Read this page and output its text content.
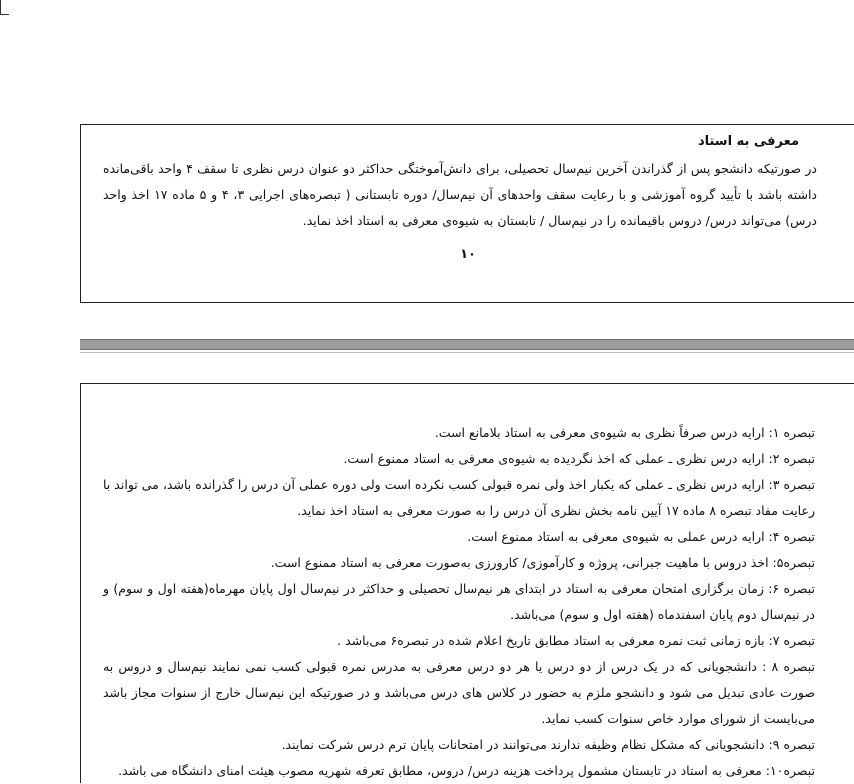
معرفی به استاد
در صورتیکه دانشجو پس از گذراندن آخرین نیم‌سال تحصیلی، برای دانش‌آموختگی حداکثر دو عنوان درس نظری تا سقف ۴ واحد باقی‌مانده داشته باشد با تأیید گروه آموزشی و با رعایت سقف واحدهای آن نیم‌سال/ دوره تابستانی ( تبصره‌های اجرایی ۳، ۴ و ۵ ماده ۱۷ اخذ واحد درس) می‌تواند درس/ دروس باقیمانده را در نیم‌سال / تابستان به شیوه‌ی معرفی به استاد اخذ نماید.
۱۰
تبصره ۱: ارایه درس صرفاً نظری به شیوه‌ی معرفی به استاد بلامانع است.
تبصره ۲: ارایه درس نظری ـ عملی که اخذ نگردیده به شیوه‌ی معرفی به استاد ممنوع است.
تبصره ۳: ارایه درس نظری ـ عملی که یکبار اخذ ولی نمره قبولی کسب نکرده است ولی دوره عملی آن درس را گذرانده باشد، می تواند با رعایت مفاد تبصره ۸ ماده ۱۷ آیین نامه بخش نظری آن درس را به صورت معرفی به استاد اخذ نماید.
تبصره ۴: ارایه درس عملی به شیوه‌ی معرفی به استاد ممنوع است.
تبصره۵: اخذ دروس با ماهیت جبرانی، پروژه و کارآموزی/ کارورزی به‌صورت معرفی به استاد ممنوع است.
تبصره ۶: زمان برگزاری امتحان معرفی به استاد در ابتدای هر نیم‌سال تحصیلی و حداکثر در نیم‌سال اول پایان مهرماه(هفته اول و سوم) و در نیم‌سال دوم پایان اسفندماه (هفته اول و سوم) می‌باشد.
تبصره ۷: بازه زمانی ثبت نمره معرفی به استاد مطابق تاریخ اعلام شده در تبصره۶ می‌باشد .
تبصره ۸ : دانشجویانی که در یک درس از دو درس یا هر دو درس معرفی به مدرس نمره قبولی کسب نمی نمایند نیم‌سال و دروس به صورت عادی تبدیل می شود و دانشجو ملزم به حضور در کلاس های درس می‌باشد و در صورتیکه این نیم‌سال خارج از سنوات مجاز باشد می‌بایست از شورای موارد خاص سنوات کسب نماید.
تبصره ۹: دانشجویانی که مشکل نظام وظیفه ندارند می‌توانند در امتحانات پایان ترم درس شرکت نمایند.
تبصره۱۰: معرفی به استاد در تابستان مشمول پرداخت هزینه درس/ دروس، مطابق تعرفه شهریه مصوب هیئت امنای دانشگاه می باشد.
